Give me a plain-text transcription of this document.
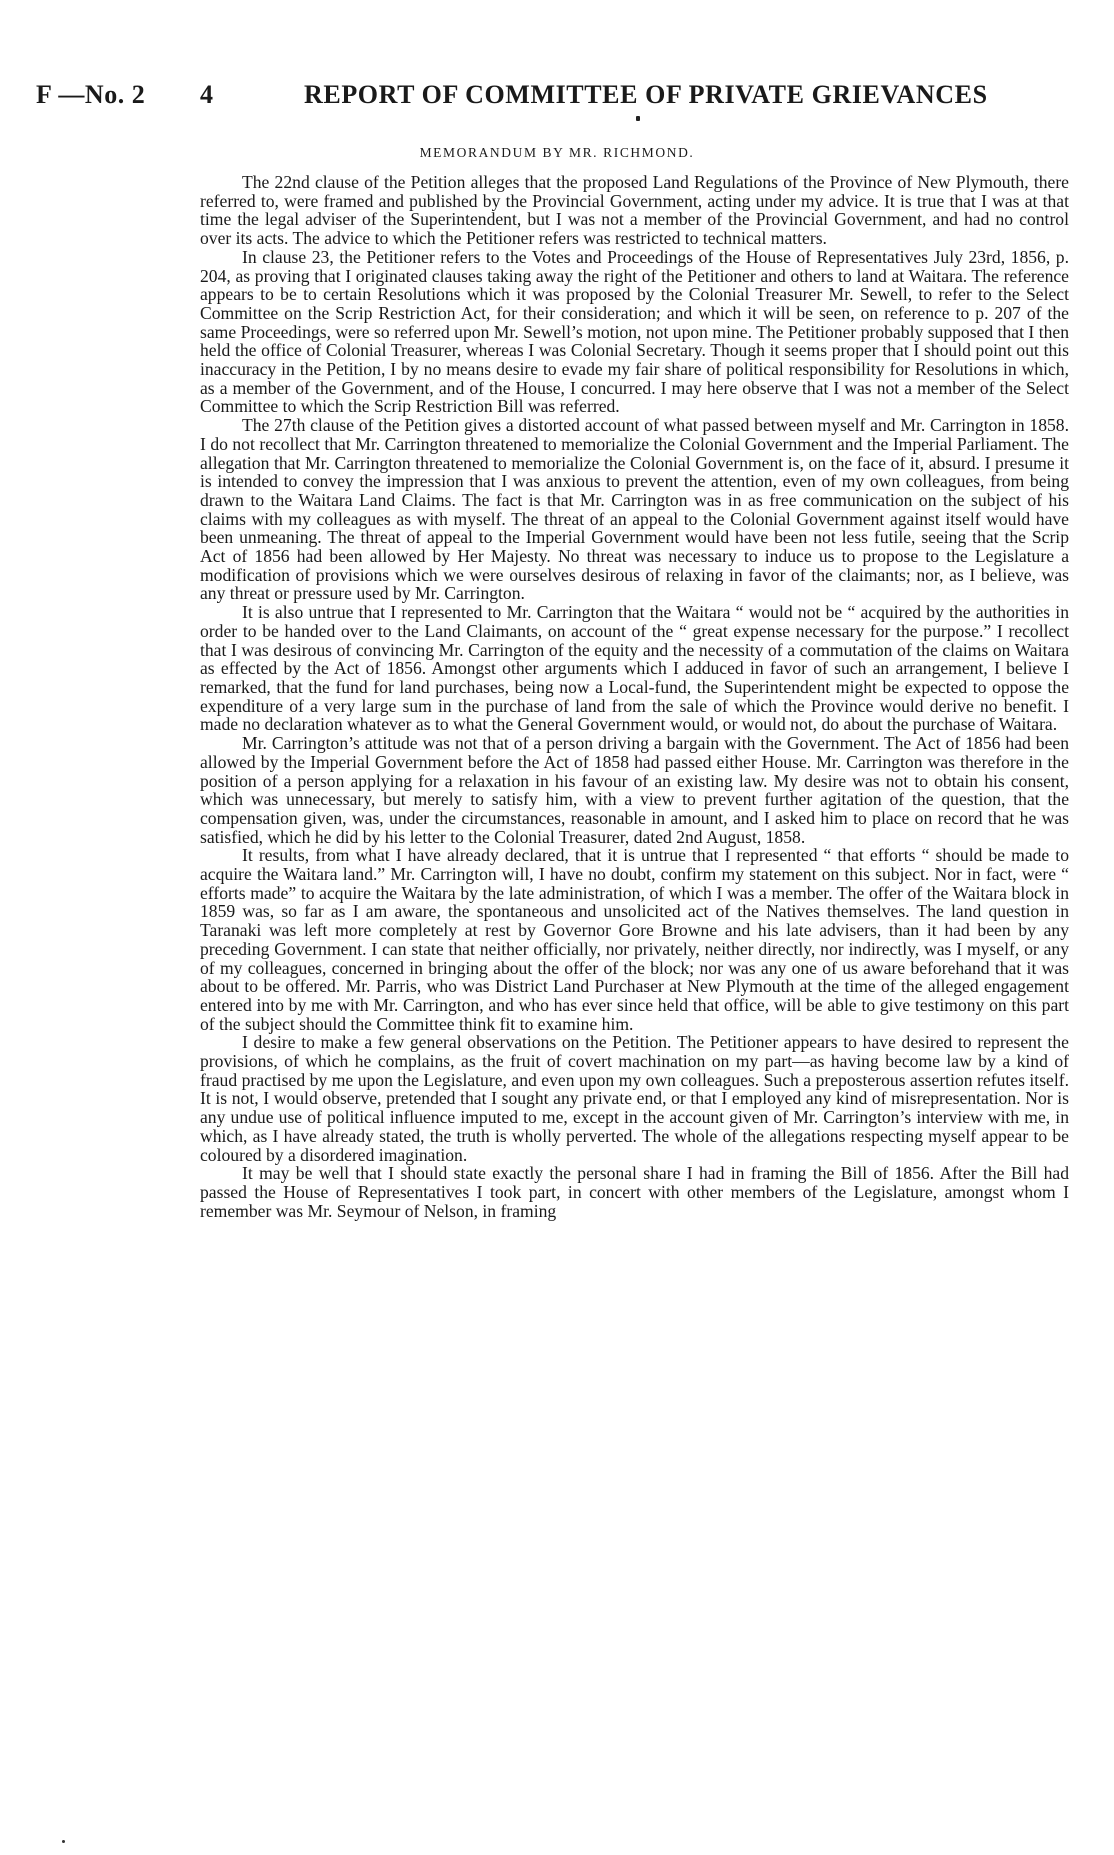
F —No. 2 4	REPORT OF COMMITTEE OF PRIVATE GRIEVANCES
MEMORANDUM BY MR. RICHMOND.

The 22nd clause of the Petition alleges that the proposed Land Regulations of the Province of New Plymouth, there referred to, were framed and published by the Provincial Government, acting under my advice. It is true that I was at that time the legal adviser of the Superintendent, but I was not a member of the Provincial Government, and had no control over its acts. The advice to which the Petitioner refers was restricted to technical matters.

In clause 23, the Petitioner refers to the Votes and Proceedings of the House of Representatives July 23rd, 1856, p. 204, as proving that I originated clauses taking away the right of the Petitioner and others to land at Waitara. The reference appears to be to certain Resolutions which it was proposed by the Colonial Treasurer Mr. Sewell, to refer to the Select Committee on the Scrip Restriction Act, for their consideration; and which it will be seen, on reference to p. 207 of the same Proceedings, were so referred upon Mr. Sewell’s motion, not upon mine. The Petitioner probably supposed that I then held the office of Colonial Treasurer, whereas I was Colonial Secretary. Though it seems proper that I should point out this inaccuracy in the Petition, I by no means desire to evade my fair share of political responsibility for Resolutions in which, as a member of the Government, and of the House, I concurred. I may here observe that I was not a member of the Select Committee to which the Scrip Restriction Bill was referred.

The 27th clause of the Petition gives a distorted account of what passed between myself and Mr. Carrington in 1858. I do not recollect that Mr. Carrington threatened to memorialize the Colonial Government and the Imperial Parliament. The allegation that Mr. Carrington threatened to memorialize the Colonial Government is, on the face of it, absurd. I presume it is intended to convey the impression that I was anxious to prevent the attention, even of my own colleagues, from being drawn to the Waitara Land Claims. The fact is that Mr. Carrington was in as free communication on the subject of his claims with my colleagues as with myself. The threat of an appeal to the Colonial Government against itself would have been unmeaning. The threat of appeal to the Imperial Government would have been not less futile, seeing that the Scrip Act of 1856 had been allowed by Her Majesty. No threat was necessary to induce us to propose to the Legislature a modification of provisions which we were ourselves desirous of relaxing in favor of the claimants; nor, as I believe, was any threat or pressure used by Mr. Carrington.

It is also untrue that I represented to Mr. Carrington that the Waitara “ would not be “ acquired by the authorities in order to be handed over to the Land Claimants, on account of the “ great expense necessary for the purpose.” I recollect that I was desirous of convincing Mr. Carrington of the equity and the necessity of a commutation of the claims on Waitara as effected by the Act of 1856. Amongst other arguments which I adduced in favor of such an arrangement, I believe I remarked, that the fund for land purchases, being now a Local-fund, the Superintendent might be expected to oppose the expenditure of a very large sum in the purchase of land from the sale of which the Province would derive no benefit. I made no declaration whatever as to what the General Government would, or would not, do about the purchase of Waitara.

Mr. Carrington’s attitude was not that of a person driving a bargain with the Government. The Act of 1856 had been allowed by the Imperial Government before the Act of 1858 had passed either House. Mr. Carrington was therefore in the position of a person applying for a relaxation in his favour of an existing law. My desire was not to obtain his consent, which was unnecessary, but merely to satisfy him, with a view to prevent further agitation of the question, that the compensation given, was, under the circumstances, reasonable in amount, and I asked him to place on record that he was satisfied, which he did by his letter to the Colonial Treasurer, dated 2nd August, 1858.

It results, from what I have already declared, that it is untrue that I represented “ that efforts “ should be made to acquire the Waitara land.” Mr. Carrington will, I have no doubt, confirm my statement on this subject. Nor in fact, were “ efforts made” to acquire the Waitara by the late administration, of which I was a member. The offer of the Waitara block in 1859 was, so far as I am aware, the spontaneous and unsolicited act of the Natives themselves. The land question in Taranaki was left more completely at rest by Governor Gore Browne and his late advisers, than it had been by any preceding Government. I can state that neither officially, nor privately, neither directly, nor indirectly, was I myself, or any of my colleagues, concerned in bringing about the offer of the block; nor was any one of us aware beforehand that it was about to be offered. Mr. Parris, who was District Land Purchaser at New Plymouth at the time of the alleged engagement entered into by me with Mr. Carrington, and who has ever since held that office, will be able to give testimony on this part of the subject should the Committee think fit to examine him.

I desire to make a few general observations on the Petition. The Petitioner appears to have desired to represent the provisions, of which he complains, as the fruit of covert machination on my part—as having become law by a kind of fraud practised by me upon the Legislature, and even upon my own colleagues. Such a preposterous assertion refutes itself. It is not, I would observe, pretended that I sought any private end, or that I employed any kind of misrepresentation. Nor is any undue use of political influence imputed to me, except in the account given of Mr. Carrington’s interview with me, in which, as I have already stated, the truth is wholly perverted. The whole of the allegations respecting myself appear to be coloured by a disordered imagination.

It may be well that I should state exactly the personal share I had in framing the Bill of 1856. After the Bill had passed the House of Representatives I took part, in concert with other members of the Legislature, amongst whom I remember was Mr. Seymour of Nelson, in framing
